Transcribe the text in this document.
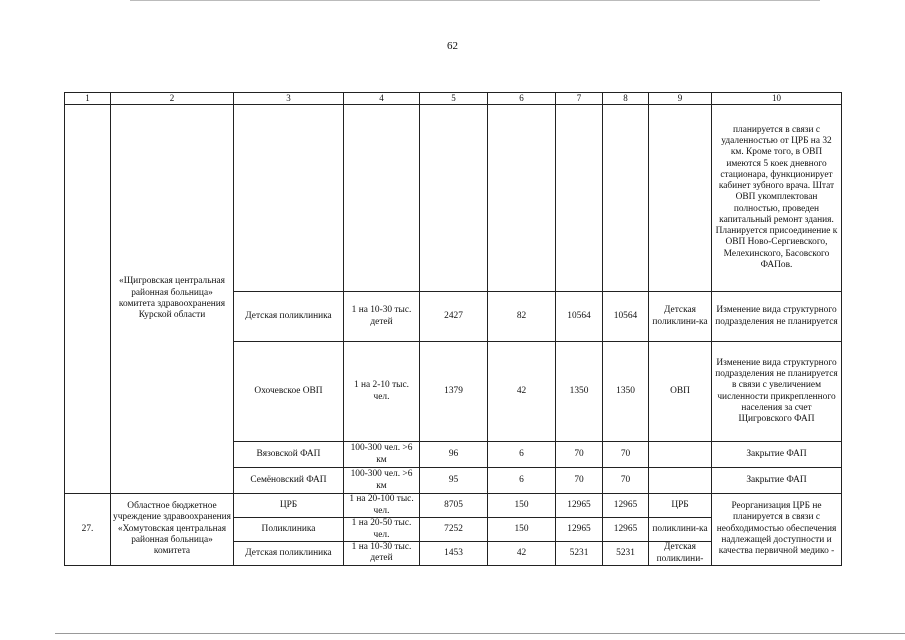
62
1	2	3	4	5	6	7	8	9	10
	«Щигровская центральная районная больница» комитета здравоохранения Курской области								планируется в связи с удаленностью от ЦРБ на 32 км. Кроме того, в ОВП имеются 5 коек дневного стационара, функционирует кабинет зубного врача. Штат ОВП укомплектован полностью, проведен капитальный ремонт здания. Планируется присоединение к ОВП Ново-Сергиевского, Мелехинского, Басовского ФАПов.

		Детская поликлиника	1 на 10-30 тыс. детей	2427	82	10564	10564	Детская поликлини-ка	Изменение вида структурного подразделения не планируется

		Охочевское ОВП	1 на 2-10 тыс. чел.	1379	42	1350	1350	ОВП	Изменение вида структурного подразделения не планируется в связи с увеличением численности прикрепленного населения за счет Щигровского ФАП

		Вязовской ФАП	100-300 чел. >6 км	96	6	70	70		Закрытие ФАП
		Семёновский ФАП	100-300 чел. >6 км	95	6	70	70		Закрытие ФАП
27.	Областное бюджетное учреждение здравоохранения «Хомутовская центральная районная больница» комитета	ЦРБ	1 на 20-100 тыс. чел.	8705	150	12965	12965	ЦРБ	Реорганизация ЦРБ не планируется в связи с необходимостью обеспечения надлежащей доступности и качества первичной медико -

		Поликлиника	1 на 20-50 тыс. чел.	7252	150	12965	12965	поликлини-ка	
		Детская поликлиника	1 на 10-30 тыс. детей	1453	42	5231	5231	Детская поликлини-	
